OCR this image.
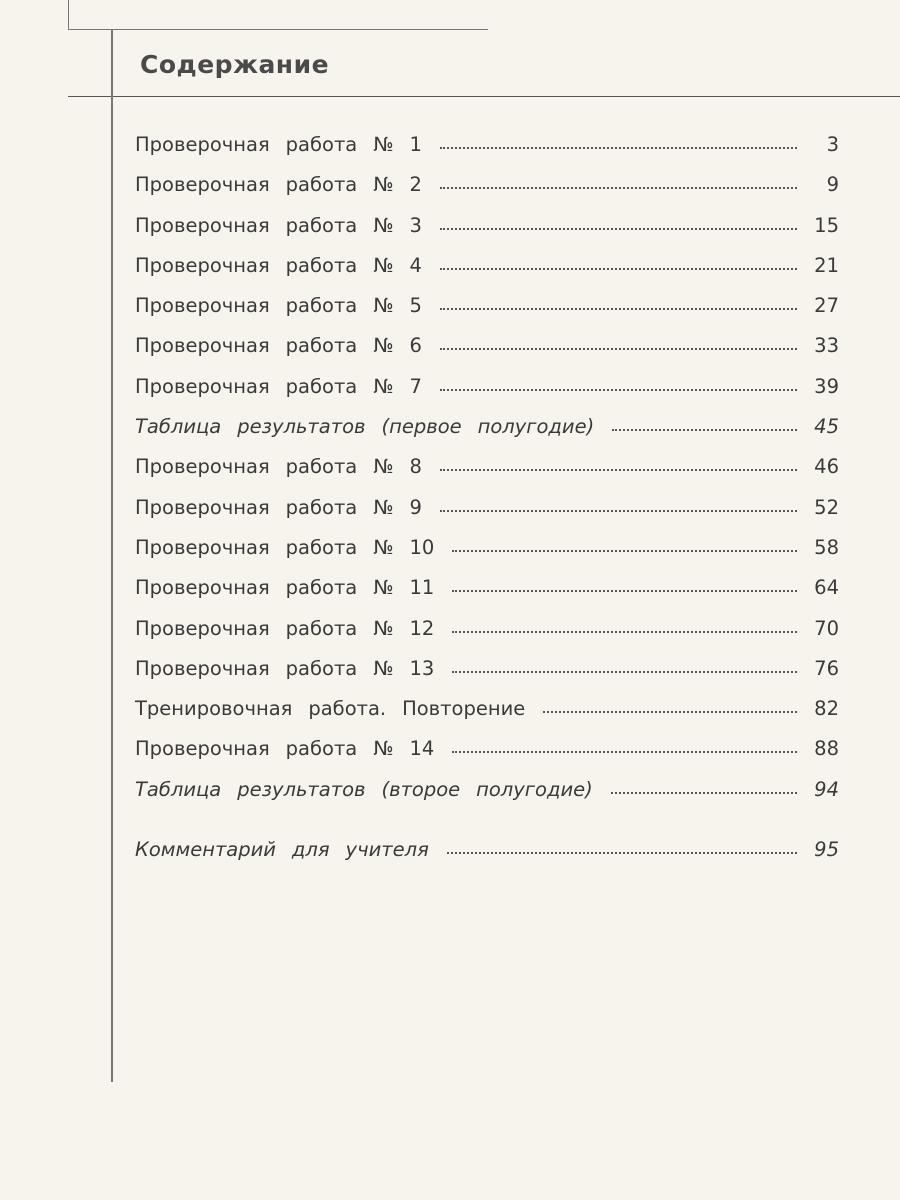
Содержание
Проверочная работа № 1	3
Проверочная работа № 2	9
Проверочная работа № 3	15
Проверочная работа № 4	21
Проверочная работа № 5	27
Проверочная работа № 6	33
Проверочная работа № 7	39
Таблица результатов (первое полугодие)	45
Проверочная работа № 8	46
Проверочная работа № 9	52
Проверочная работа № 10	58
Проверочная работа № 11	64
Проверочная работа № 12	70
Проверочная работа № 13	76
Тренировочная работа. Повторение	82
Проверочная работа № 14	88
Таблица результатов (второе полугодие)	94
Комментарий для учителя	95
